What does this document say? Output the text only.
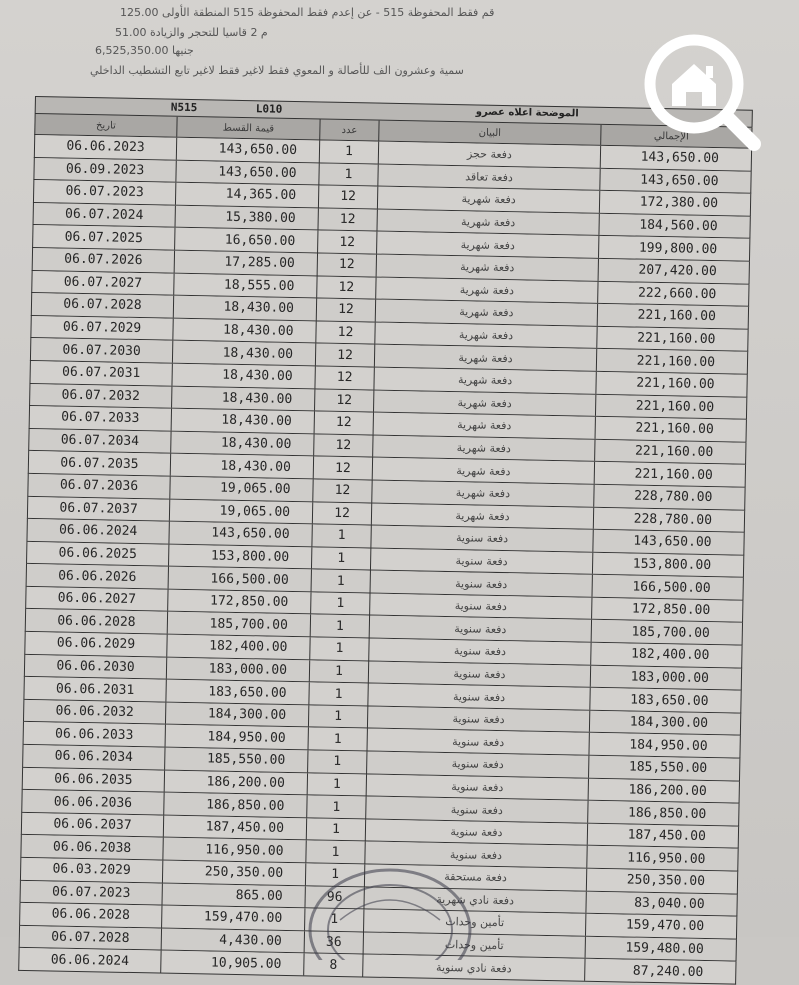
قم فقط المحفوظة 515 - عن إعدم فقط المحفوظة 515 المنطقة الأولى 125.00
51.00 م 2 قاسيا للتحجر والزيادة
6,525,350.00 جنيها
سمية وعشرون الف للأصالة و المعوي فقط لاغير فقط لاغير تابع التشطيب الداخلي
N515	L010	الموضحة اعلاه عصرو
تاريخ	قيمة القسط	عدد	البيان	الإجمالي
06.06.2023	143,650.00	1	دفعة حجز	143,650.00
06.09.2023	143,650.00	1	دفعة تعاقد	143,650.00
06.07.2023	14,365.00	12	دفعة شهرية	172,380.00
06.07.2024	15,380.00	12	دفعة شهرية	184,560.00
06.07.2025	16,650.00	12	دفعة شهرية	199,800.00
06.07.2026	17,285.00	12	دفعة شهرية	207,420.00
06.07.2027	18,555.00	12	دفعة شهرية	222,660.00
06.07.2028	18,430.00	12	دفعة شهرية	221,160.00
06.07.2029	18,430.00	12	دفعة شهرية	221,160.00
06.07.2030	18,430.00	12	دفعة شهرية	221,160.00
06.07.2031	18,430.00	12	دفعة شهرية	221,160.00
06.07.2032	18,430.00	12	دفعة شهرية	221,160.00
06.07.2033	18,430.00	12	دفعة شهرية	221,160.00
06.07.2034	18,430.00	12	دفعة شهرية	221,160.00
06.07.2035	18,430.00	12	دفعة شهرية	221,160.00
06.07.2036	19,065.00	12	دفعة شهرية	228,780.00
06.07.2037	19,065.00	12	دفعة شهرية	228,780.00
06.06.2024	143,650.00	1	دفعة سنوية	143,650.00
06.06.2025	153,800.00	1	دفعة سنوية	153,800.00
06.06.2026	166,500.00	1	دفعة سنوية	166,500.00
06.06.2027	172,850.00	1	دفعة سنوية	172,850.00
06.06.2028	185,700.00	1	دفعة سنوية	185,700.00
06.06.2029	182,400.00	1	دفعة سنوية	182,400.00
06.06.2030	183,000.00	1	دفعة سنوية	183,000.00
06.06.2031	183,650.00	1	دفعة سنوية	183,650.00
06.06.2032	184,300.00	1	دفعة سنوية	184,300.00
06.06.2033	184,950.00	1	دفعة سنوية	184,950.00
06.06.2034	185,550.00	1	دفعة سنوية	185,550.00
06.06.2035	186,200.00	1	دفعة سنوية	186,200.00
06.06.2036	186,850.00	1	دفعة سنوية	186,850.00
06.06.2037	187,450.00	1	دفعة سنوية	187,450.00
06.06.2038	116,950.00	1	دفعة سنوية	116,950.00
06.03.2029	250,350.00	1	دفعة مستحقة	250,350.00
06.07.2023	865.00	96	دفعة نادي شهرية	83,040.00
06.06.2028	159,470.00	1	تأمين وحدات	159,470.00
06.07.2028	4,430.00	36	تأمين وحدات	159,480.00
06.06.2024	10,905.00	8	دفعة نادي سنوية	87,240.00
